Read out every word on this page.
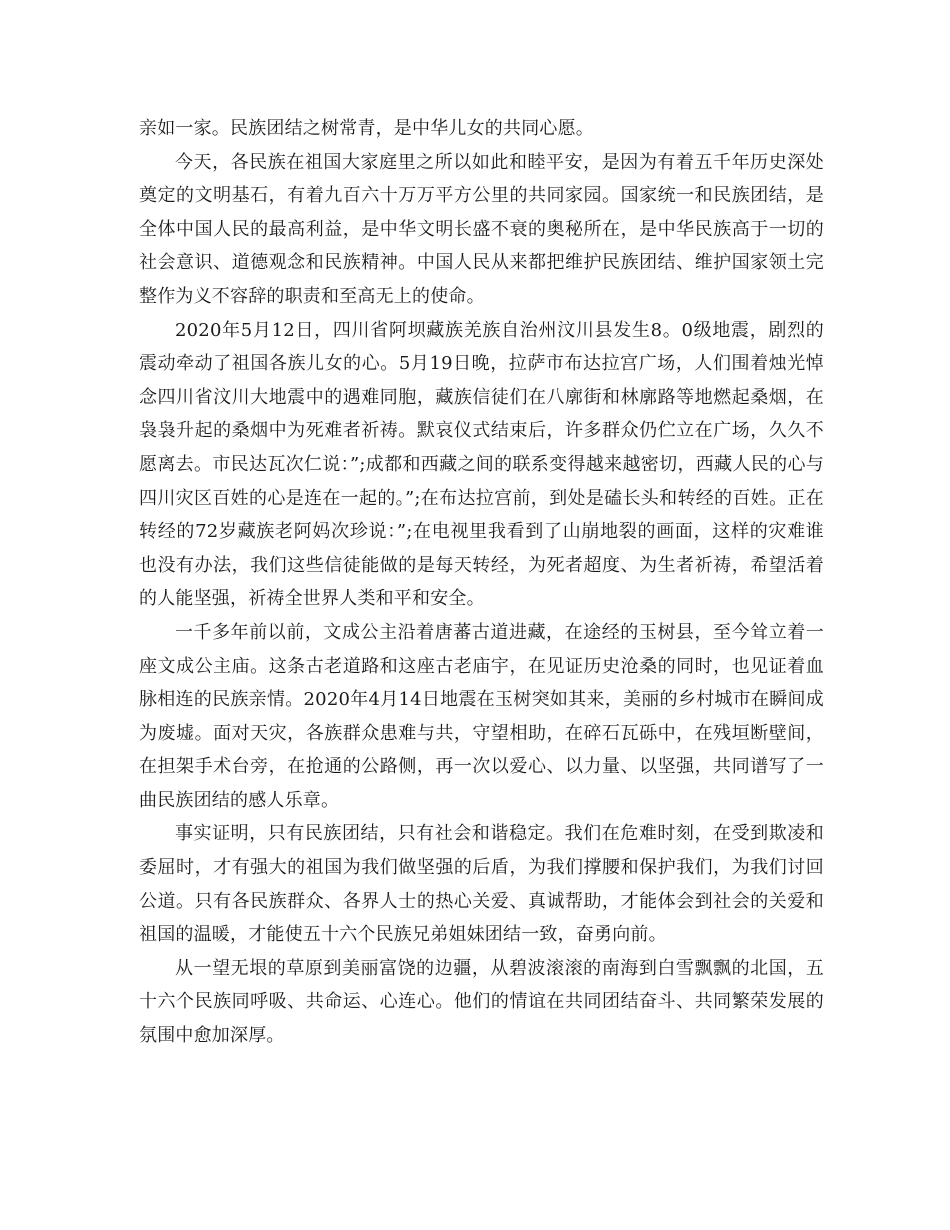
亲如一家。民族团结之树常青，是中华儿女的共同心愿。

今天，各民族在祖国大家庭里之所以如此和睦平安，是因为有着五千年历史深处奠定的文明基石，有着九百六十万万平方公里的共同家园。国家统一和民族团结，是全体中国人民的最高利益，是中华文明长盛不衰的奥秘所在，是中华民族高于一切的社会意识、道德观念和民族精神。中国人民从来都把维护民族团结、维护国家领土完整作为义不容辞的职责和至高无上的使命。

2020年5月12日，四川省阿坝藏族羌族自治州汶川县发生8。0级地震，剧烈的震动牵动了祖国各族儿女的心。5月19日晚，拉萨市布达拉宫广场，人们围着烛光悼念四川省汶川大地震中的遇难同胞，藏族信徒们在八廓街和林廓路等地燃起桑烟，在袅袅升起的桑烟中为死难者祈祷。默哀仪式结束后，许多群众仍伫立在广场，久久不愿离去。市民达瓦次仁说：”;成都和西藏之间的联系变得越来越密切，西藏人民的心与四川灾区百姓的心是连在一起的。”;在布达拉宫前，到处是磕长头和转经的百姓。正在转经的72岁藏族老阿妈次珍说：”;在电视里我看到了山崩地裂的画面，这样的灾难谁也没有办法，我们这些信徒能做的是每天转经，为死者超度、为生者祈祷，希望活着的人能坚强，祈祷全世界人类和平和安全。

一千多年前以前，文成公主沿着唐蕃古道进藏，在途经的玉树县，至今耸立着一座文成公主庙。这条古老道路和这座古老庙宇，在见证历史沧桑的同时，也见证着血脉相连的民族亲情。2020年4月14日地震在玉树突如其来，美丽的乡村城市在瞬间成为废墟。面对天灾，各族群众患难与共，守望相助，在碎石瓦砾中，在残垣断壁间，在担架手术台旁，在抢通的公路侧，再一次以爱心、以力量、以坚强，共同谱写了一曲民族团结的感人乐章。

事实证明，只有民族团结，只有社会和谐稳定。我们在危难时刻，在受到欺凌和委屈时，才有强大的祖国为我们做坚强的后盾，为我们撑腰和保护我们，为我们讨回公道。只有各民族群众、各界人士的热心关爱、真诚帮助，才能体会到社会的关爱和祖国的温暖，才能使五十六个民族兄弟姐妹团结一致，奋勇向前。

从一望无垠的草原到美丽富饶的边疆，从碧波滚滚的南海到白雪飘飘的北国，五十六个民族同呼吸、共命运、心连心。他们的情谊在共同团结奋斗、共同繁荣发展的氛围中愈加深厚。
